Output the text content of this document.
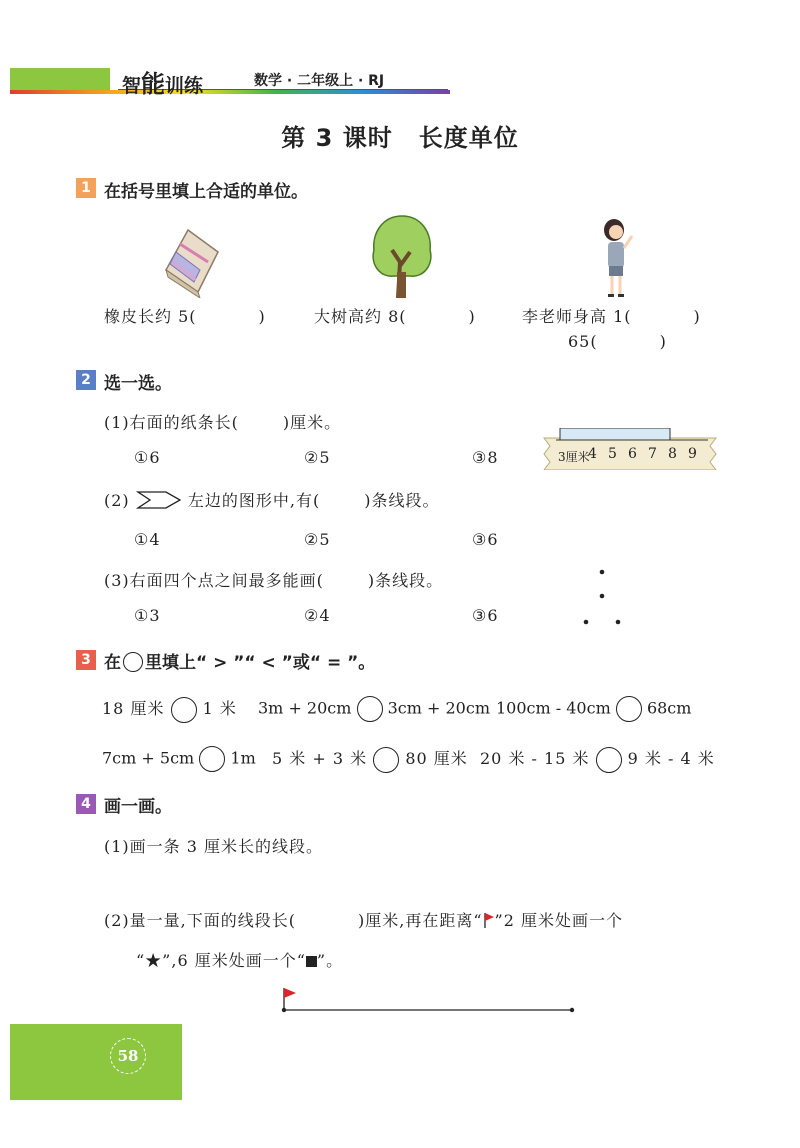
智能训练	数学 · 二年级上 · RJ
第 3 课时 长度单位
1 在括号里填上合适的单位。
橡皮长约 5(	)	大树高约 8(	)	李老师身高 1(	)
65(	)
2 选一选。
(1)右面的纸条长(	)厘米。
①6	②5	③8	3厘米
4 5 6 7 8 9
(2)	左边的图形中,有(	)条线段。
①4	②5	③6
(3)右面四个点之间最多能画(	)条线段。
①3	②4	③6
3 在 里填上“ > ”“ < ”或“ = ”。
18 厘米 1 米 3m + 20cm 3cm + 20cm 100cm - 40cm 68cm
7cm + 5cm 1m 5 米 + 3 米 80 厘米 20 米 - 15 米 9 米 - 4 米
4 画一画。
(1)画一条 3 厘米长的线段。
(2)量一量,下面的线段长(	)厘米,再在距离“ ”2 厘米处画一个
“★”,6 厘米处画一个“ ”。
58
